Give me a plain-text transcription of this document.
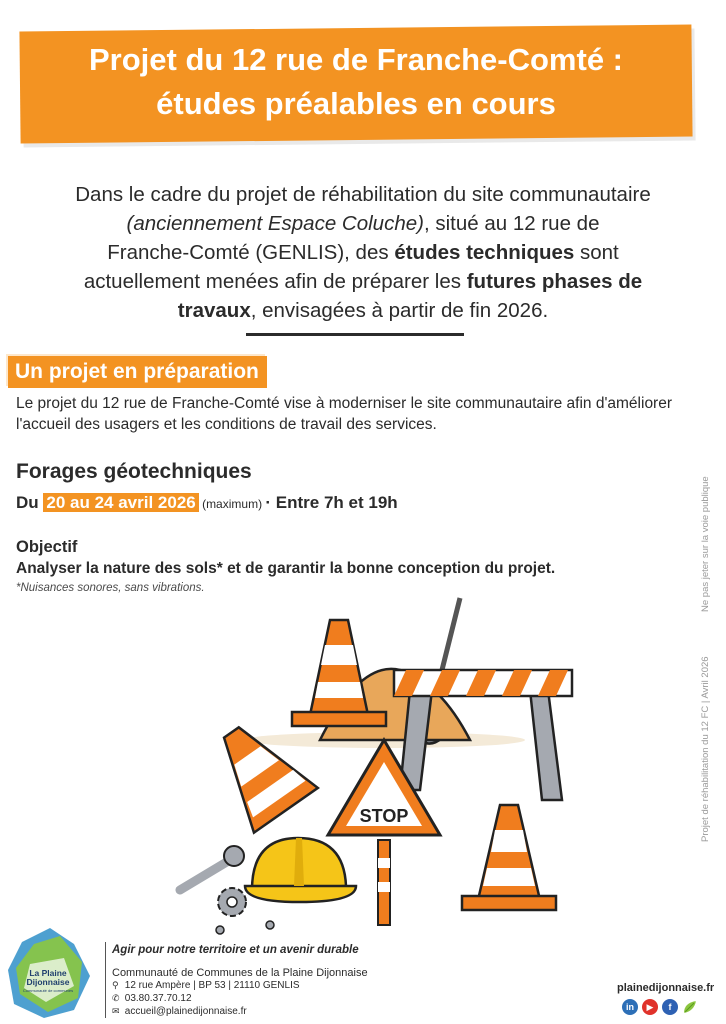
Projet du 12 rue de Franche-Comté :
études préalables en cours
Dans le cadre du projet de réhabilitation du site communautaire
(anciennement Espace Coluche), situé au 12 rue de
Franche-Comté (GENLIS), des études techniques sont
actuellement menées afin de préparer les futures phases de
travaux, envisagées à partir de fin 2026.
Un projet en préparation
Le projet du 12 rue de Franche-Comté vise à moderniser le site communautaire afin d'améliorer l'accueil des usagers et les conditions de travail des services.
Forages géotechniques
Du 20 au 24 avril 2026 (maximum) · Entre 7h et 19h
Objectif
Analyser la nature des sols* et de garantir la bonne conception du projet.
*Nuisances sonores, sans vibrations.	Ne pas jeter sur la voie publique
Projet de réhabilitation du 12 FC | Avril 2026
STOP
La Plaine
Dijonnaise
Communauté de communes
Agir pour notre territoire et un avenir durable
Communauté de Communes de la Plaine Dijonnaise
⚲ 12 rue Ampère | BP 53 | 21110 GENLIS
✆ 03.80.37.70.12
✉ accueil@plainedijonnaise.fr
plainedijonnaise.fr
in	▶	f
